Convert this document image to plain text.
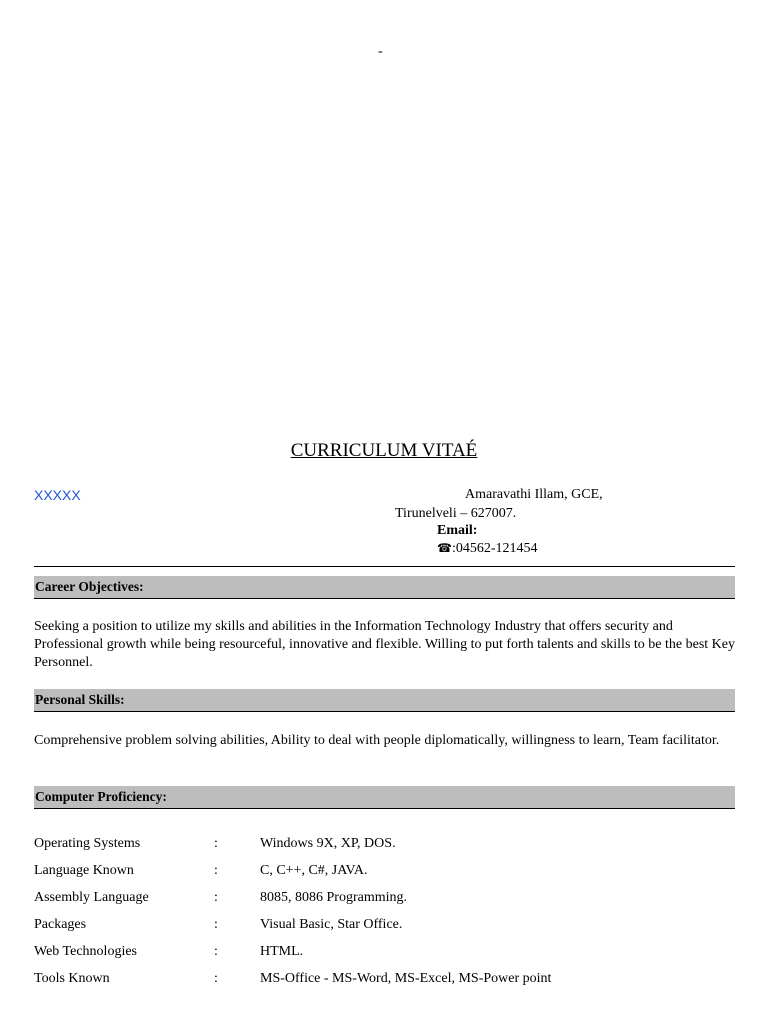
-
CURRICULUM VITAÉ
XXXXX	Amaravathi Illam, GCE,
Tirunelveli – 627007.
Email:
☎:04562-121454
Career Objectives:
Seeking a position to utilize my skills and abilities in the Information Technology Industry that offers security and Professional growth while being resourceful, innovative and flexible. Willing to put forth talents and skills to be the best Key Personnel.
Personal Skills:
Comprehensive problem solving abilities, Ability to deal with people diplomatically, willingness to learn, Team facilitator.
Computer Proficiency:
Operating Systems	:	Windows 9X, XP, DOS.
Language Known	:	C, C++, C#, JAVA.
Assembly Language	:	8085, 8086 Programming.
Packages	:	Visual Basic, Star Office.
Web Technologies	:	HTML.
Tools Known	:	MS-Office - MS-Word, MS-Excel, MS-Power point
